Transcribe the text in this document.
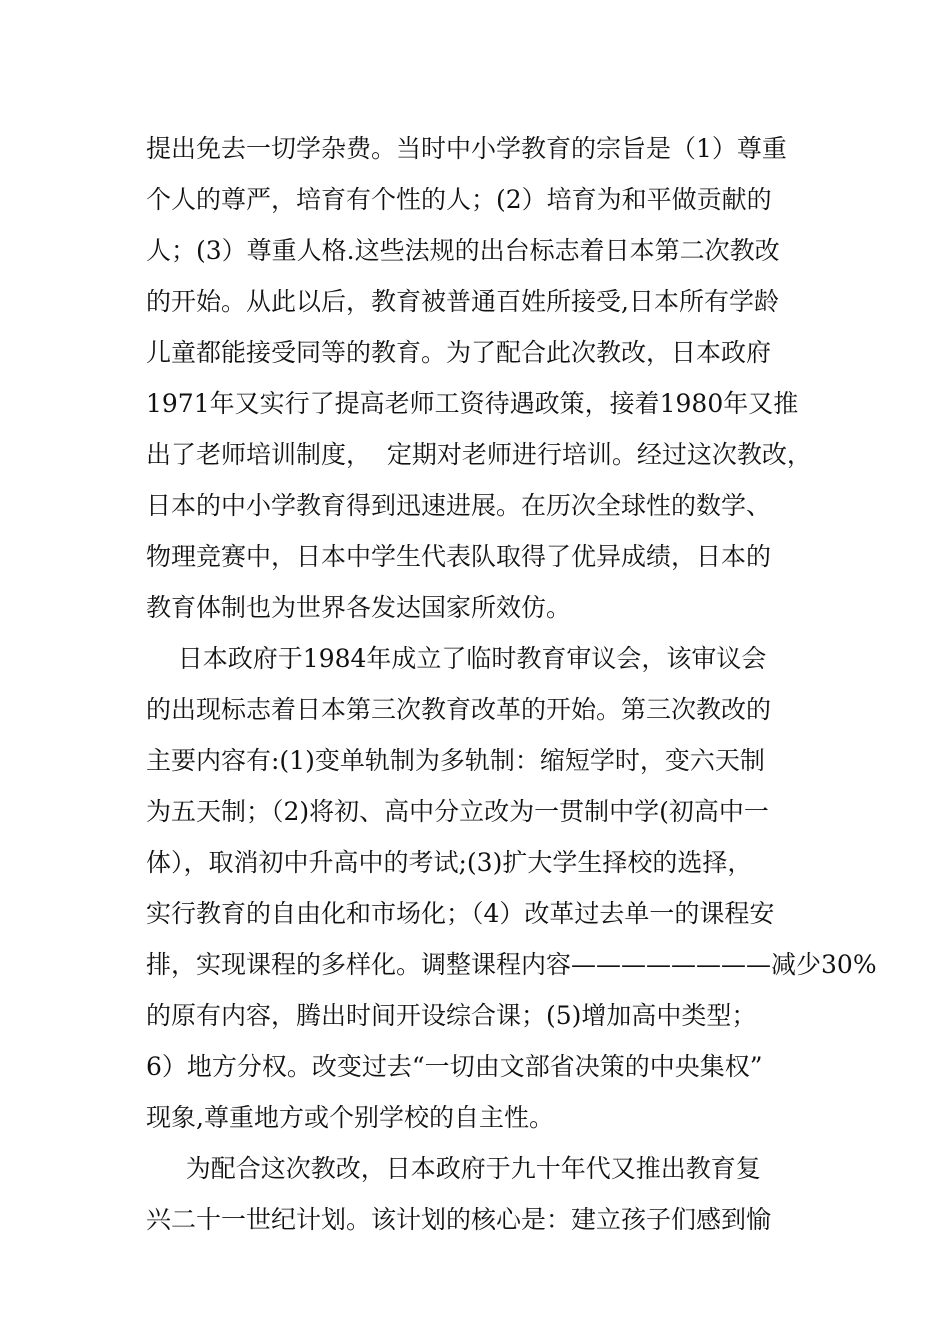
提出免去一切学杂费。当时中小学教育的宗旨是（1）尊重
个人的尊严，培育有个性的人；(2）培育为和平做贡献的
人；(3）尊重人格.这些法规的出台标志着日本第二次教改
的开始。从此以后，教育被普通百姓所接受,日本所有学龄
儿童都能接受同等的教育。为了配合此次教改，日本政府
1971年又实行了提高老师工资待遇政策，接着1980年又推
出了老师培训制度，  定期对老师进行培训。经过这次教改，
日本的中小学教育得到迅速进展。在历次全球性的数学、
物理竞赛中，日本中学生代表队取得了优异成绩，日本的
教育体制也为世界各发达国家所效仿。
日本政府于1984年成立了临时教育审议会，该审议会
的出现标志着日本第三次教育改革的开始。第三次教改的
主要内容有:(1)变单轨制为多轨制：缩短学时，变六天制
为五天制；（2)将初、高中分立改为一贯制中学(初高中一
体），取消初中升高中的考试;(3)扩大学生择校的选择，
实行教育的自由化和市场化；（4）改革过去单一的课程安
排，实现课程的多样化。调整课程内容————————减少30%
的原有内容，腾出时间开设综合课；(5)增加高中类型；
6）地方分权。改变过去“一切由文部省决策的中央集权”
现象,尊重地方或个别学校的自主性。
为配合这次教改，日本政府于九十年代又推出教育复
兴二十一世纪计划。该计划的核心是：建立孩子们感到愉
